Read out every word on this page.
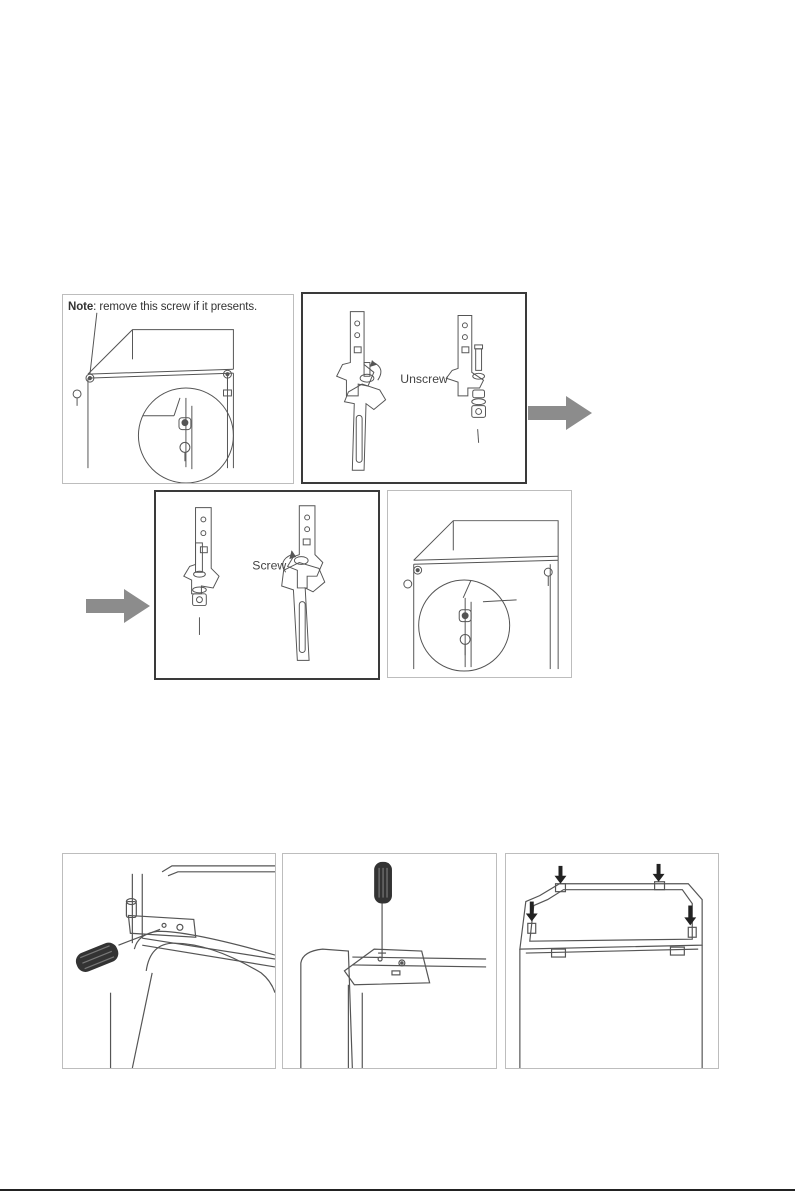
Note: remove this screw if it presents.
Unscrew
Screw
